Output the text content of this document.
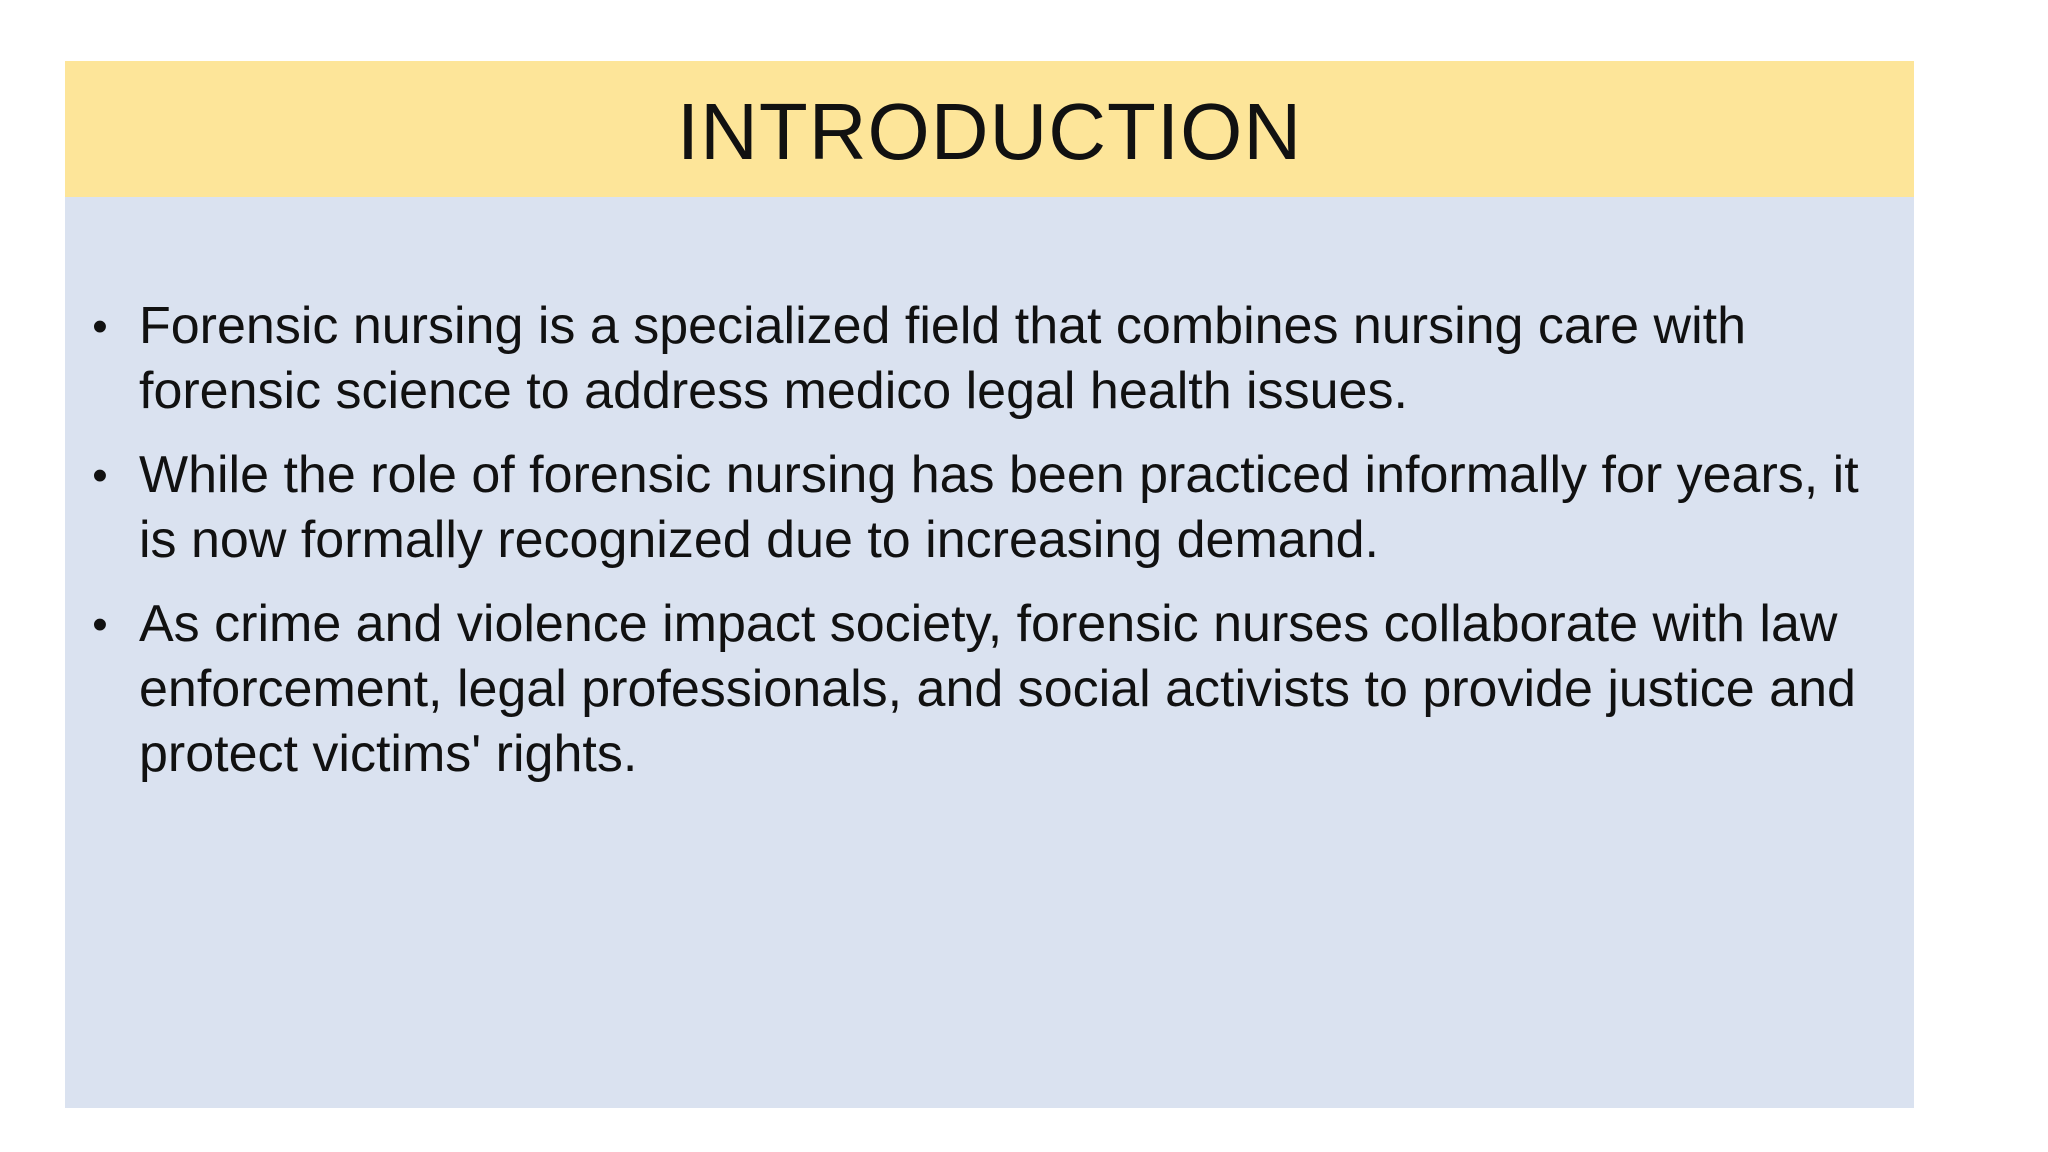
INTRODUCTION
• Forensic nursing is a specialized field that combines nursing care with forensic science to address medico legal health issues.
• While the role of forensic nursing has been practiced informally for years, it is now formally recognized due to increasing demand.
• As crime and violence impact society, forensic nurses collaborate with law enforcement, legal professionals, and social activists to provide justice and protect victims' rights.
